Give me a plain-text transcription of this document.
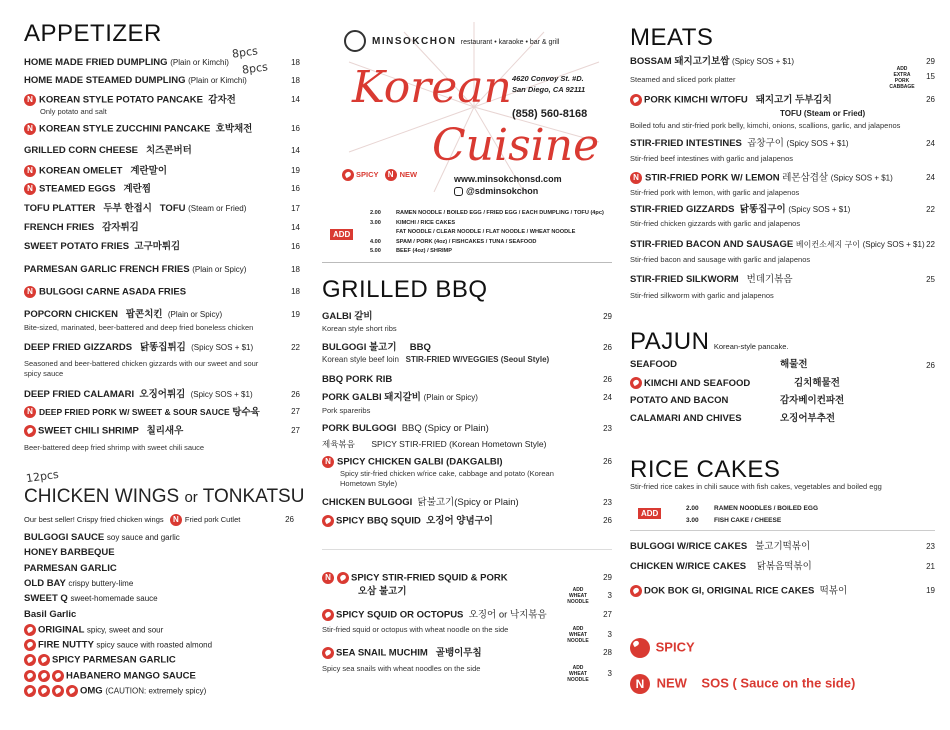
APPETIZER
8pcs
8pcs
HOME MADE FRIED DUMPLING (Plain or Kimchi)	18
HOME MADE STEAMED DUMPLING (Plain or Kimchi)	18
N KOREAN STYLE POTATO PANCAKE 감자전	14
Only potato and salt
N KOREAN STYLE ZUCCHINI PANCAKE 호박채전	16
GRILLED CORN CHEESE 치즈콘버터	14
N KOREAN OMELET 계란말이	19
N STEAMED EGGS 계란찜	16
TOFU PLATTER 두부 한접시 TOFU (Steam or Fried)	17
FRENCH FRIES 감자튀김	14
SWEET POTATO FRIES 고구마튀김	16
PARMESAN GARLIC FRENCH FRIES (Plain or Spicy)	18
N BULGOGI CARNE ASADA FRIES	18
POPCORN CHICKEN 팝콘치킨 (Plain or Spicy)	19
Bite-sized, marinated, beer-battered and deep fried boneless chicken
DEEP FRIED GIZZARDS 닭똥집튀김 (Spicy SOS + $1)	22
Seasoned and beer-battered chicken gizzards with our sweet and sour spicy sauce
DEEP FRIED CALAMARI 오징어튀김 (Spicy SOS + $1)	26
N DEEP FRIED PORK W/ SWEET & SOUR SAUCE 탕수육	27
SWEET CHILI SHRIMP 칠리새우	27
Beer-battered deep fried shrimp with sweet chili sauce
12pcs
CHICKEN WINGS or TONKATSU
Our best seller! Crispy fried chicken wings N Fried pork Cutlet	26
BULGOGI SAUCE soy sauce and garlic
HONEY BARBEQUE
PARMESAN GARLIC
OLD BAY crispy buttery-lime
SWEET Q sweet-homemade sauce
Basil Garlic
ORIGINAL spicy, sweet and sour
FIRE NUTTY spicy sauce with roasted almond
SPICY PARMESAN GARLIC
HABANERO MANGO SAUCE
OMG (CAUTION: extremely spicy)
MINSOKCHON restaurant • karaoke • bar & grill
4620 Convoy St. #D.
San Diego, CA 92111
(858) 560-8168
Korean
Cuisine
SPICY N NEW	www.minsokchonsd.com
@sdminsokchon
ADD
2.00	RAMEN NOODLE / BOILED EGG / FRIED EGG / EACH DUMPLING / TOFU (4pc)
3.00	KIMCHI / RICE CAKES
FAT NOODLE / CLEAR NOODLE / FLAT NOODLE / WHEAT NOODLE
4.00	SPAM / PORK (4oz) / FISHCAKES / TUNA / SEAFOOD
5.00	BEEF (4oz) / SHRIMP
GRILLED BBQ
GALBI 갈비	29
Korean style short ribs
BULGOGI 불고기 BBQ	26
Korean style beef loin STIR-FRIED W/VEGGIES (Seoul Style)
BBQ PORK RIB	26
PORK GALBI 돼지갈비 (Plain or Spicy)	24
Pork spareribs
PORK BULGOGI BBQ (Spicy or Plain)	23
제육볶음 SPICY STIR-FRIED (Korean Hometown Style)
N SPICY CHICKEN GALBI (DAKGALBI)	26
Spicy stir-fried chicken w/rice cake, cabbage and potato (Korean Hometown Style)
CHICKEN BULGOGI 닭불고기(Spicy or Plain)	23
SPICY BBQ SQUID 오징어 양념구이	26
N SPICY STIR-FRIED SQUID & PORK	29
오삼 불고기	ADD WHEAT NOODLE
3
SPICY SQUID OR OCTOPUS 오징어 or 낙지볶음	27
Stir-fried squid or octopus with wheat noodle on the side	ADD WHEAT NOODLE
3
SEA SNAIL MUCHIM 골뱅이무침	28
Spicy sea snails with wheat noodles on the side	ADD WHEAT NOODLE
3
MEATS
BOSSAM 돼지고기보쌈 (Spicy SOS + $1)	29
Steamed and sliced pork platter
ADD EXTRA PORK CABBAGE
15
PORK KIMCHI W/TOFU 돼지고기 두부김치	26
TOFU (Steam or Fried)
Boiled tofu and stir-fried pork belly, kimchi, onions, scallions, garlic, and jalapenos
STIR-FRIED INTESTINES 곱창구이 (Spicy SOS + $1)	24
Stir-fried beef intestines with garlic and jalapenos
N STIR-FRIED PORK W/ LEMON 레몬삼겹살 (Spicy SOS + $1)	24
Stir-fried pork with lemon, with garlic and jalapenos
STIR-FRIED GIZZARDS 닭똥집구이 (Spicy SOS + $1)	22
Stir-fried chicken gizzards with garlic and jalapenos
STIR-FRIED BACON AND SAUSAGE 베이컨소세지 구이 (Spicy SOS + $1) 22
Stir-fried bacon and sausage with garlic and jalapenos
STIR-FRIED SILKWORM 번데기볶음	25
Stir-fried silkworm with garlic and jalapenos
PAJUN Korean-style pancake.
26
SEAFOOD	해물전
KIMCHI AND SEAFOOD	김치해물전
POTATO AND BACON	감자베이컨파전
CALAMARI AND CHIVES	오징어부추전
RICE CAKES
Stir-fried rice cakes in chili sauce with fish cakes, vegetables and boiled egg
ADD
2.00 RAMEN NOODLES / BOILED EGG
3.00 FISH CAKE / CHEESE
BULGOGI W/RICE CAKES 불고기떡볶이	23
CHICKEN W/RICE CAKES 닭볶음떡볶이	21
DOK BOK GI, ORIGINAL RICE CAKES 떡볶이	19
SPICY
N NEW SOS ( Sauce on the side)
